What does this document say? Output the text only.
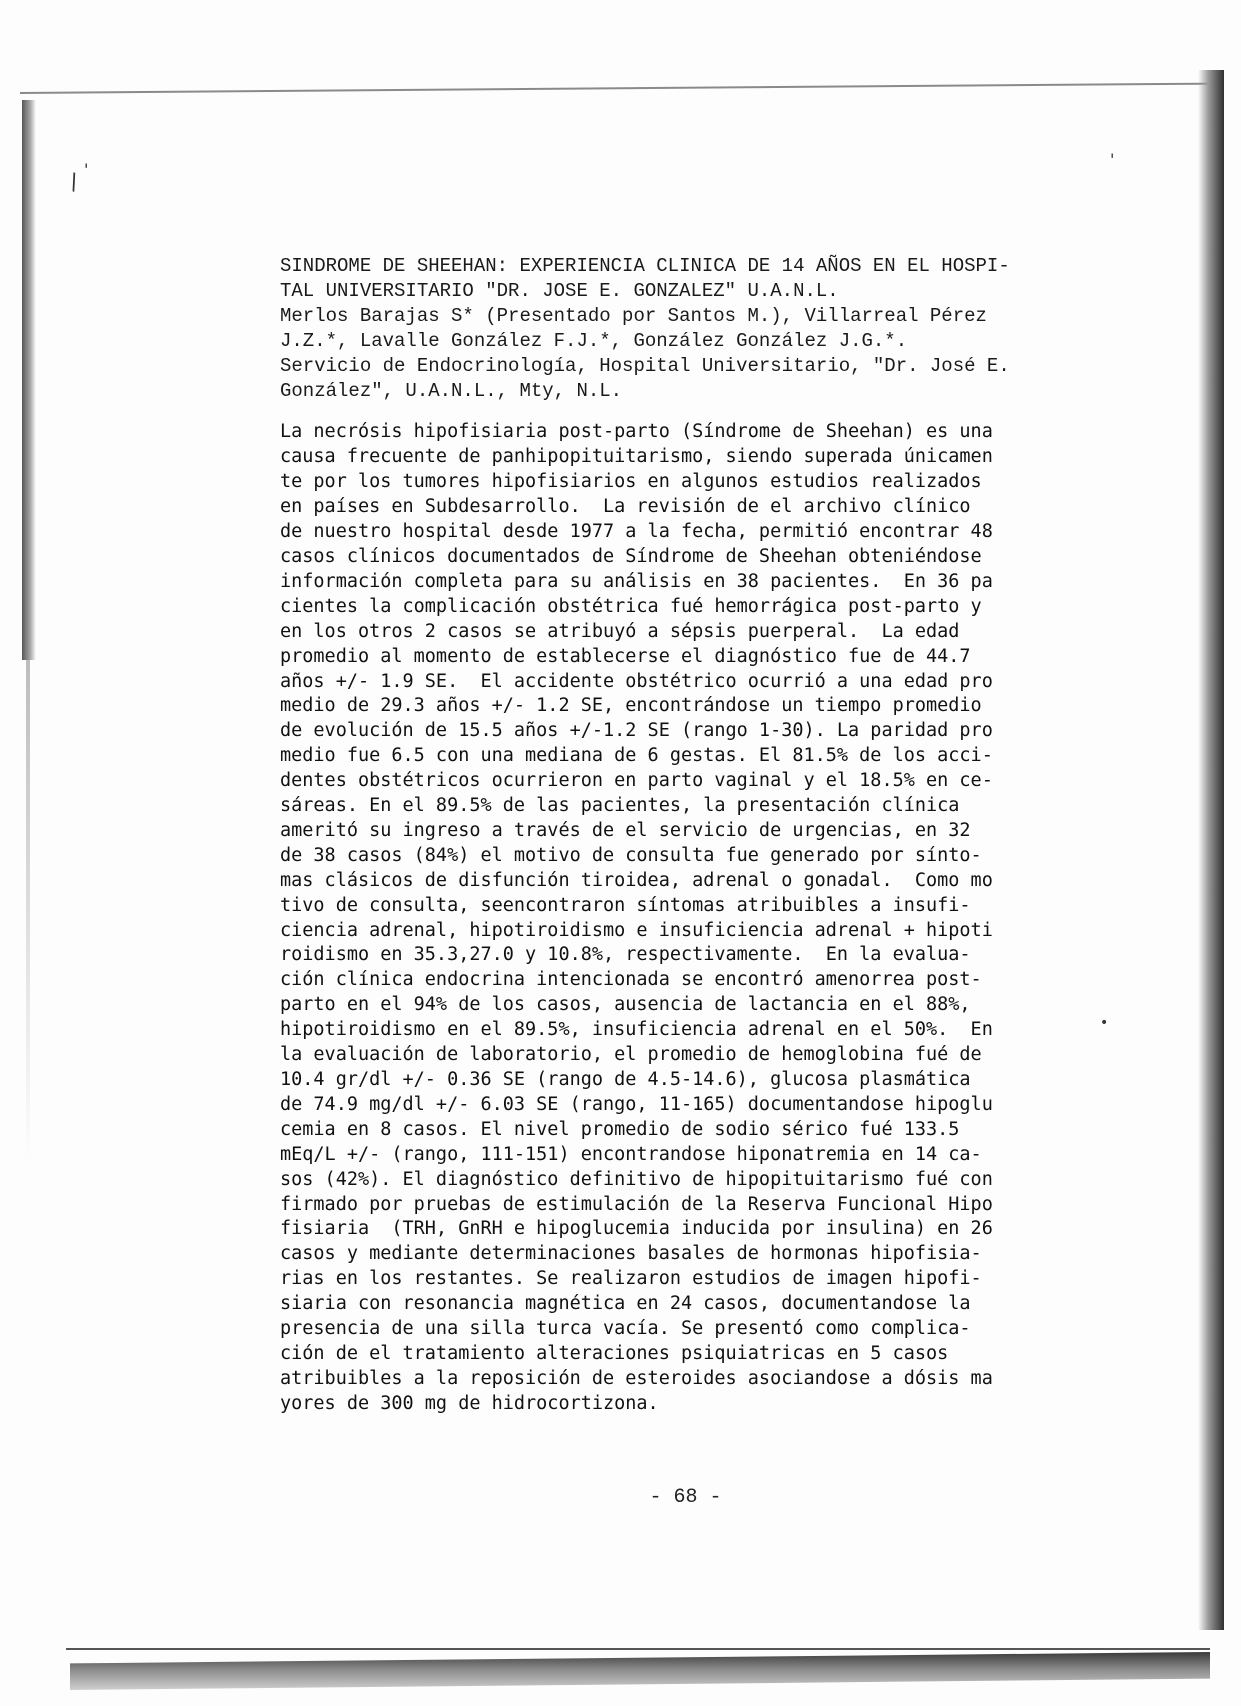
\ '
'
•
SINDROME DE SHEEHAN: EXPERIENCIA CLINICA DE 14 AÑOS EN EL HOSPI-
TAL UNIVERSITARIO "DR. JOSE E. GONZALEZ" U.A.N.L.
Merlos Barajas S* (Presentado por Santos M.), Villarreal Pérez
J.Z.*, Lavalle González F.J.*, González González J.G.*.
Servicio de Endocrinología, Hospital Universitario, "Dr. José E.
González", U.A.N.L., Mty, N.L.
La necrósis hipofisiaria post-parto (Síndrome de Sheehan) es una
causa frecuente de panhipopituitarismo, siendo superada únicamen
te por los tumores hipofisiarios en algunos estudios realizados
en países en Subdesarrollo.  La revisión de el archivo clínico
de nuestro hospital desde 1977 a la fecha, permitió encontrar 48
casos clínicos documentados de Síndrome de Sheehan obteniéndose
información completa para su análisis en 38 pacientes.  En 36 pa
cientes la complicación obstétrica fué hemorrágica post-parto y
en los otros 2 casos se atribuyó a sépsis puerperal.  La edad
promedio al momento de establecerse el diagnóstico fue de 44.7
años +/- 1.9 SE.  El accidente obstétrico ocurrió a una edad pro
medio de 29.3 años +/- 1.2 SE, encontrándose un tiempo promedio
de evolución de 15.5 años +/-1.2 SE (rango 1-30). La paridad pro
medio fue 6.5 con una mediana de 6 gestas. El 81.5% de los acci-
dentes obstétricos ocurrieron en parto vaginal y el 18.5% en ce-
sáreas. En el 89.5% de las pacientes, la presentación clínica
ameritó su ingreso a través de el servicio de urgencias, en 32
de 38 casos (84%) el motivo de consulta fue generado por sínto-
mas clásicos de disfunción tiroidea, adrenal o gonadal.  Como mo
tivo de consulta, seencontraron síntomas atribuibles a insufi-
ciencia adrenal, hipotiroidismo e insuficiencia adrenal + hipoti
roidismo en 35.3,27.0 y 10.8%, respectivamente.  En la evalua-
ción clínica endocrina intencionada se encontró amenorrea post-
parto en el 94% de los casos, ausencia de lactancia en el 88%,
hipotiroidismo en el 89.5%, insuficiencia adrenal en el 50%.  En
la evaluación de laboratorio, el promedio de hemoglobina fué de
10.4 gr/dl +/- 0.36 SE (rango de 4.5-14.6), glucosa plasmática
de 74.9 mg/dl +/- 6.03 SE (rango, 11-165) documentandose hipoglu
cemia en 8 casos. El nivel promedio de sodio sérico fué 133.5
mEq/L +/- (rango, 111-151) encontrandose hiponatremia en 14 ca-
sos (42%). El diagnóstico definitivo de hipopituitarismo fué con
firmado por pruebas de estimulación de la Reserva Funcional Hipo
fisiaria  (TRH, GnRH e hipoglucemia inducida por insulina) en 26
casos y mediante determinaciones basales de hormonas hipofisia-
rias en los restantes. Se realizaron estudios de imagen hipofi-
siaria con resonancia magnética en 24 casos, documentandose la
presencia de una silla turca vacía. Se presentó como complica-
ción de el tratamiento alteraciones psiquiatricas en 5 casos
atribuibles a la reposición de esteroides asociandose a dósis ma
yores de 300 mg de hidrocortizona.
- 68 -
